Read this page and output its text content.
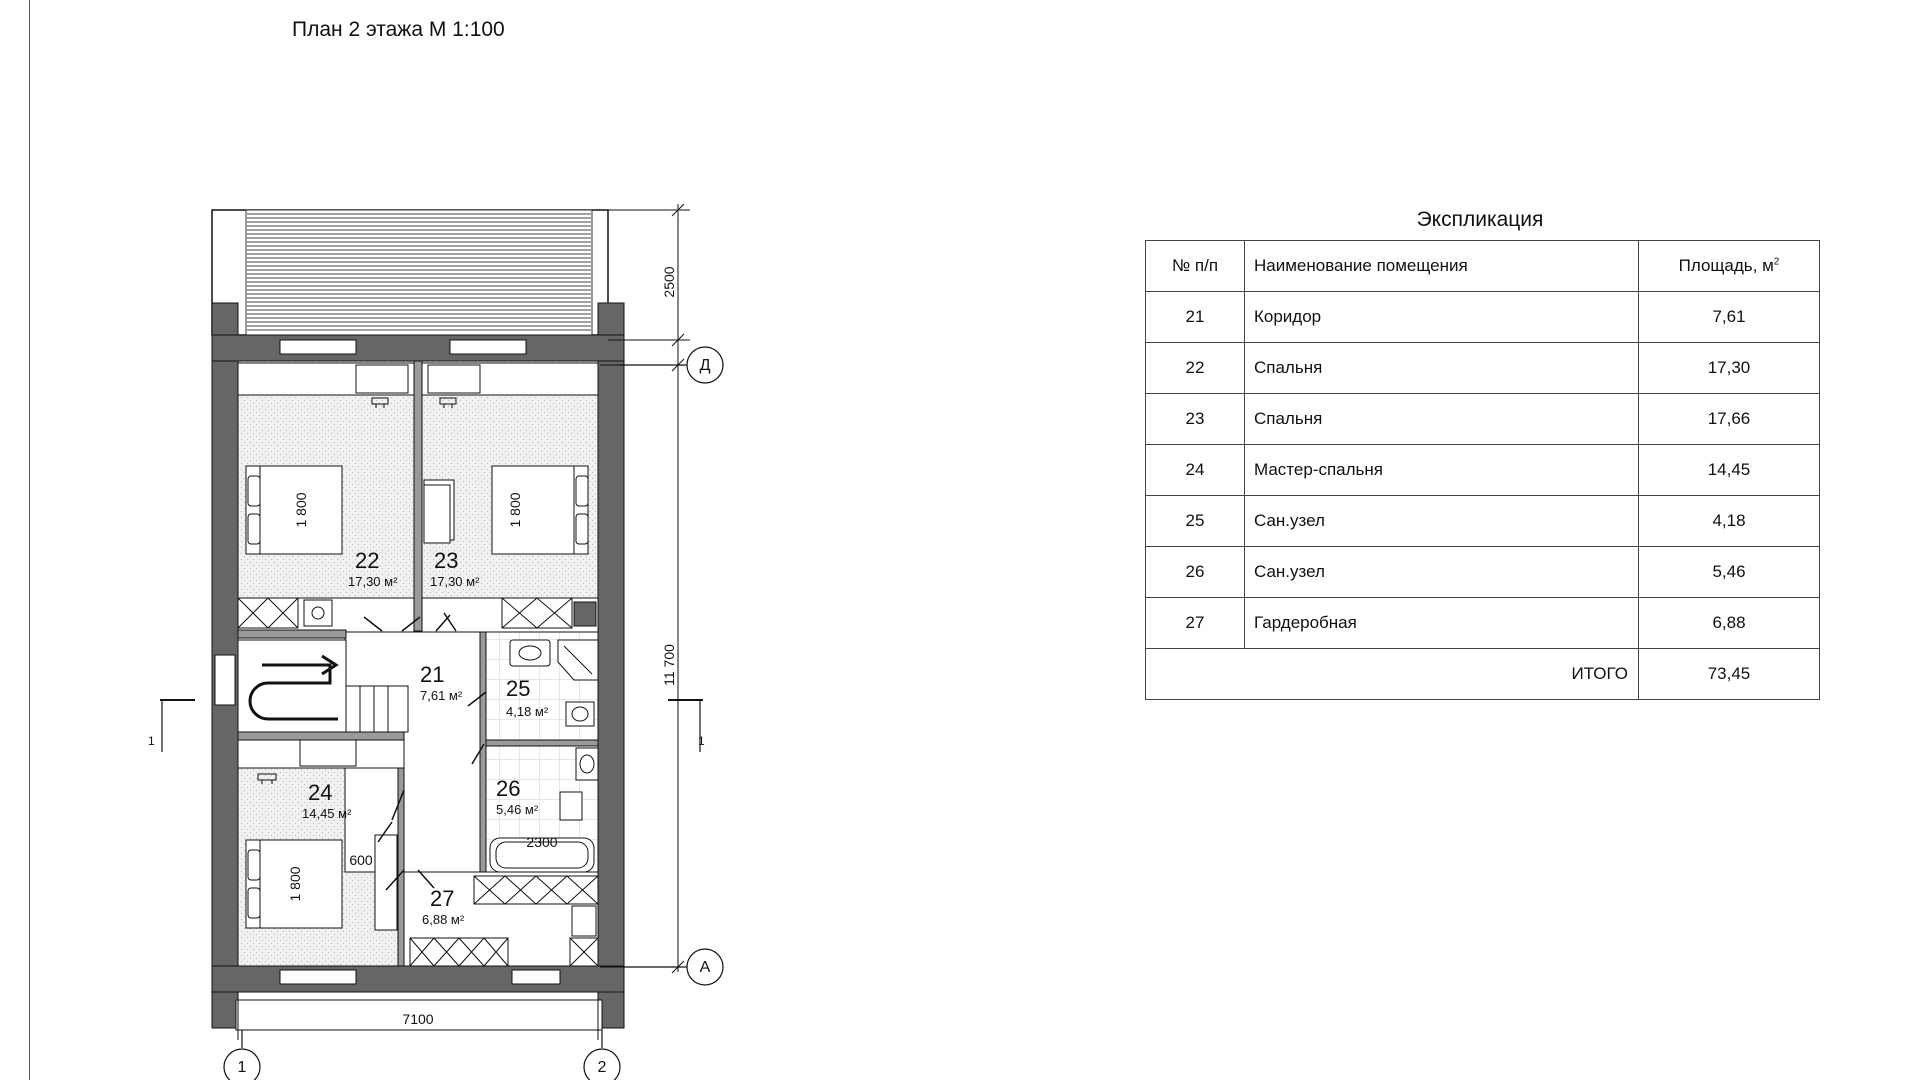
План 2 этажа М 1:100
2500
11 700
7100
1 800	1 800
1 800
600
2300
Д
А
1	2
1	1
22
17,30 м²
23
17,30 м²
21
7,61 м² 25
4,18 м²
24
14,45 м²
26
5,46 м²
27
6,88 м²
Экспликация
№ п/п	Наименование помещения	Площадь, $м^2$
21	Коридор	7,61
22	Спальня	17,30
23	Спальня	17,66
24	Мастер-спальня	14,45
25	Сан.узел	4,18
26	Сан.узел	5,46
27	Гардеробная	6,88
ИТОГО		73,45
